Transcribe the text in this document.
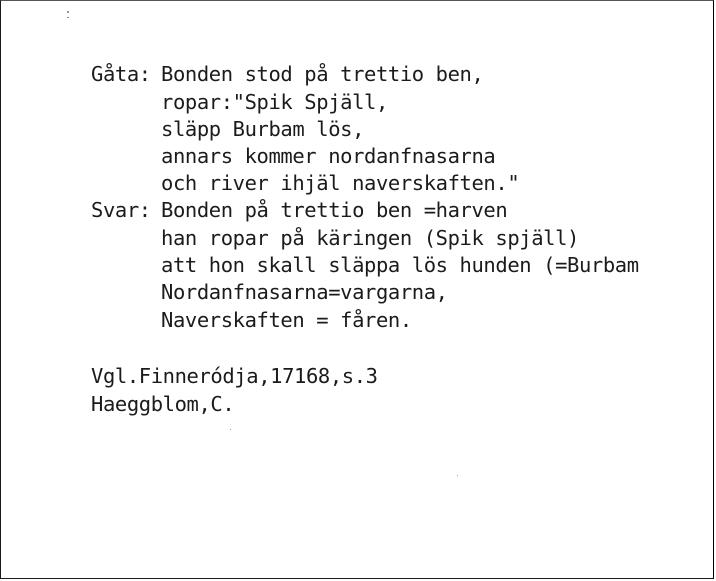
Gåta: Bonden stod på trettio ben,
ropar:"Spik Spjäll,
släpp Burbam lös,
annars kommer nordanfnasarna
och river ihjäl naverskaften."
Svar: Bonden på trettio ben =harven
han ropar på käringen (Spik spjäll)
att hon skall släppa lös hunden (=Burbam
Nordanfnasarna=vargarna,
Naverskaften = fåren.
Vgl.Finneródja,17168,s.3
Haeggblom,C.
